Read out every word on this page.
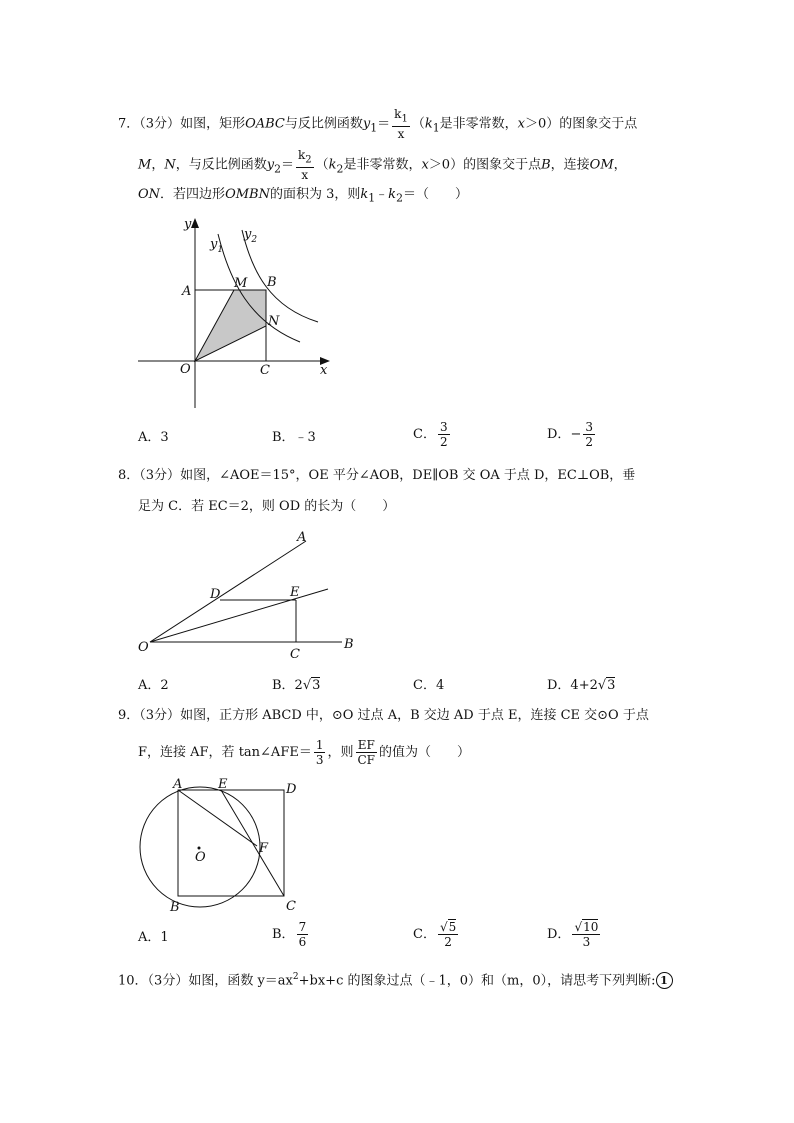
7．（3分）如图，矩形OABC与反比例函数$y_1= \frac{k_1}{x} (k_1$是非零常数，x＞0）的图象交于点
M，N，与反比例函数$y_2= \frac{k_2}{x} (k_2$是非零常数，x＞0）的图象交于点B，连接OM，
ON．若四边形OMBN的面积为 3，则$k_1﹣k_2=$（　　）
y
$y_1$
$y_2$
A
M B
N
O	C	x
A．3	B．﹣3	C． $\frac{3}{2}$	D．− $\frac{3}{2}$
8．（3分）如图，∠AOE＝15°，OE 平分∠AOB，DE∥OB 交 OA 于点 D，EC⊥OB，垂
足为 C．若 EC＝2，则 OD 的长为（　　）
A
D	E
O	C
B
A．2	B．2√3	C．4	D．4+2√3
9．（3分）如图，正方形 ABCD 中，⊙O 过点 A，B 交边 AD 于点 E，连接 CE 交⊙O 于点
F，连接 AF，若 tan∠AFE＝ $\frac{1}{3}$ ，则 $\frac{EF}{CF}$ 的值为（　　）
A	E	D
O
F
B	C
A．1	B． $\frac{7}{6}$	C． $\frac{√5}{2}$	D． $\frac{√10}{3}$
10．（3分）如图，函数 $y=ax^2+bx+c$ 的图象过点（﹣1，0）和（m，0），请思考下列判断: 1
